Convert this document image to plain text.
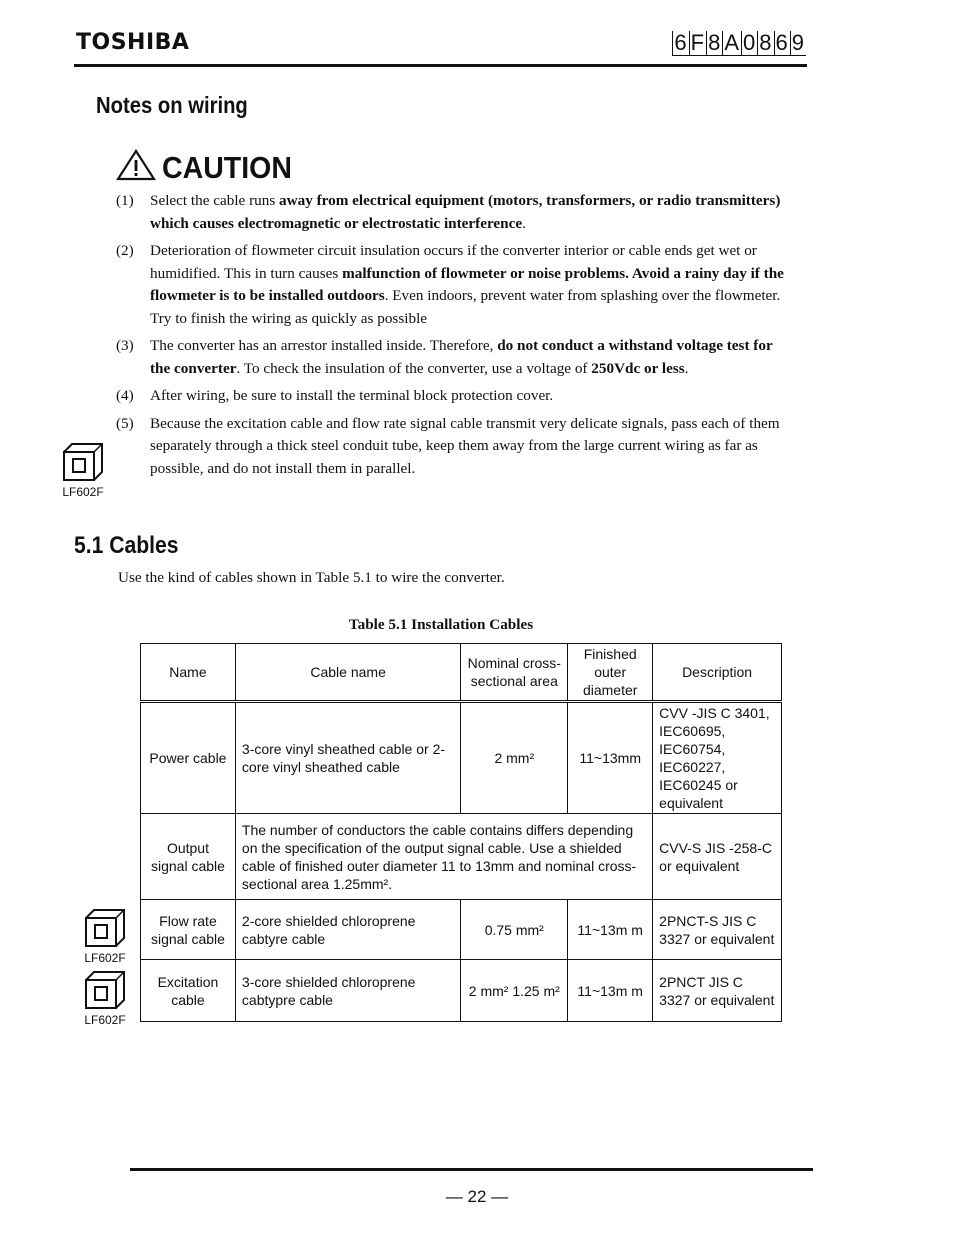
TOSHIBA	6 F 8 A 0 8 6 9
Notes on wiring
CAUTION
(1)	Select the cable runs away from electrical equipment (motors, transformers, or radio transmitters) which causes electromagnetic or electrostatic interference.
(2)	Deterioration of flowmeter circuit insulation occurs if the converter interior or cable ends get wet or humidified. This in turn causes malfunction of flowmeter or noise problems. Avoid a rainy day if the flowmeter is to be installed outdoors. Even indoors, prevent water from splashing over the flowmeter. Try to finish the wiring as quickly as possible
(3)	The converter has an arrestor installed inside. Therefore, do not conduct a withstand voltage test for the converter. To check the insulation of the converter, use a voltage of 250Vdc or less.
(4)	After wiring, be sure to install the terminal block protection cover.
(5)	Because the excitation cable and flow rate signal cable transmit very delicate signals, pass each of them separately through a thick steel conduit tube, keep them away from the large current wiring as far as possible, and do not install them in parallel.
LF602F
LF602F
LF602F
5.1 Cables
Use the kind of cables shown in Table 5.1 to wire the converter.
Table 5.1 Installation Cables
Name	Cable name	Nominal cross-sectional area	Finished outer diameter	Description
Power cable	3-core vinyl sheathed cable or 2-core vinyl sheathed cable	2 mm²	11~13mm	CVV -JIS C 3401, IEC60695, IEC60754, IEC60227, IEC60245 or equivalent
Output signal cable	The number of conductors the cable contains differs depending on the specification of the output signal cable. Use a shielded cable of finished outer diameter 11 to 13mm and nominal cross-sectional area 1.25mm².			CVV-S JIS -258-C or equivalent
Flow rate signal cable	2-core shielded chloroprene cabtyre cable	0.75 mm²	11~13m m	2PNCT-S JIS C 3327 or equivalent
Excitation cable	3-core shielded chloroprene cabtypre cable	2 mm² 1.25 m²	11~13m m	2PNCT JIS C 3327 or equivalent
— 22 —
